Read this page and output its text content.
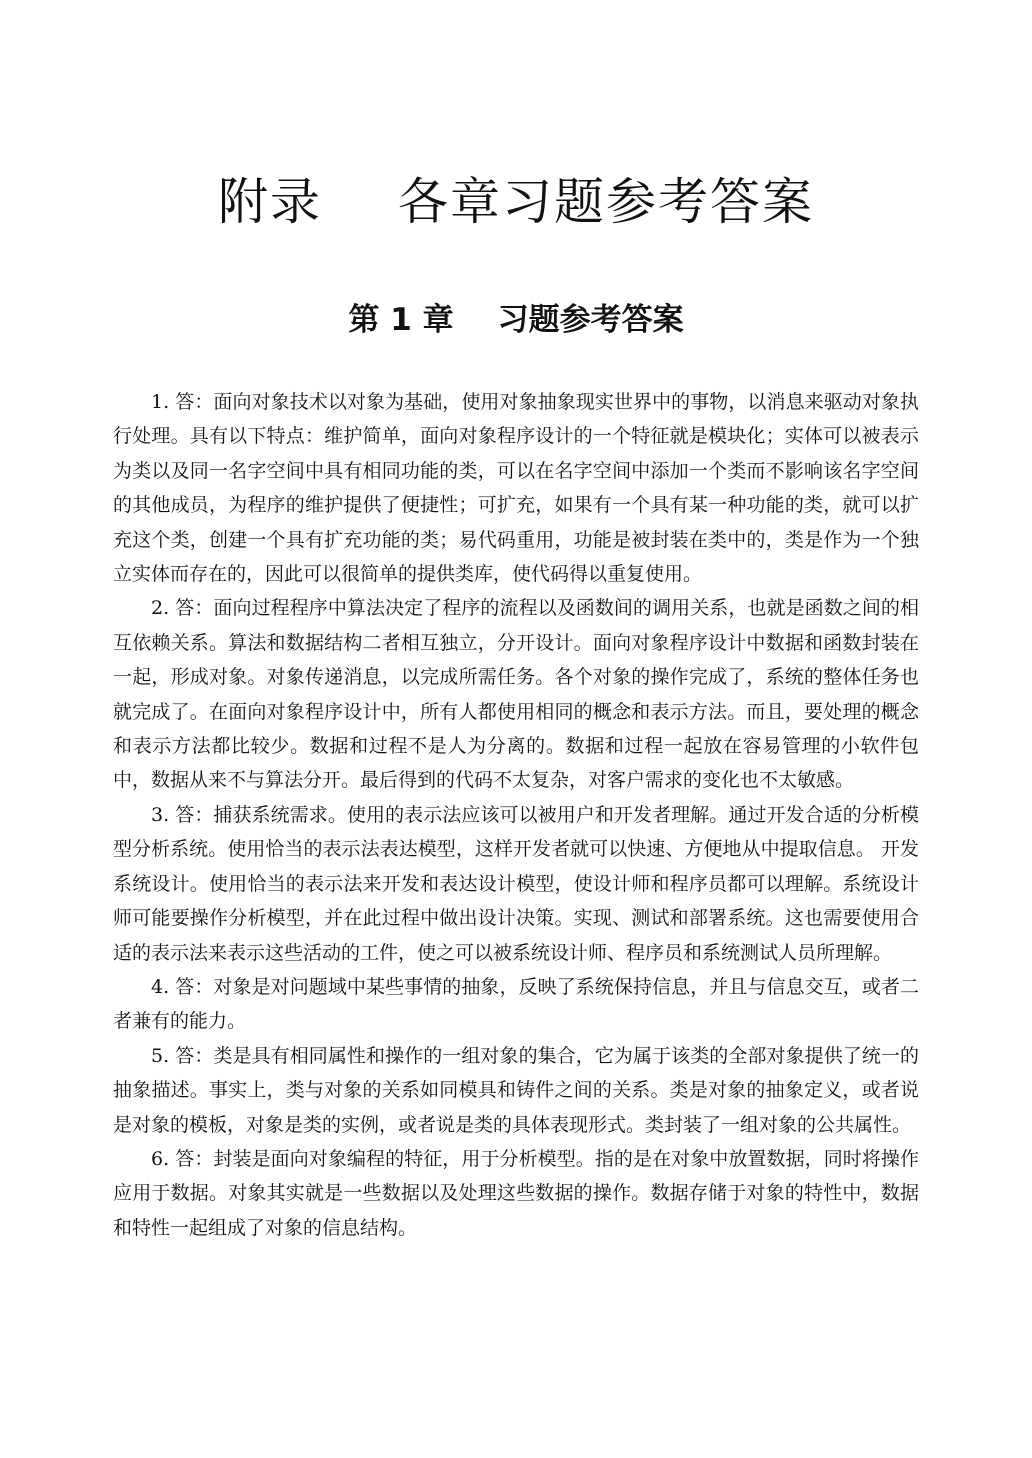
附录 各章习题参考答案
第 1 章 习题参考答案

1. 答：面向对象技术以对象为基础，使用对象抽象现实世界中的事物，以消息来驱动对象执行处理。具有以下特点：维护简单，面向对象程序设计的一个特征就是模块化；实体可以被表示为类以及同一名字空间中具有相同功能的类，可以在名字空间中添加一个类而不影响该名字空间的其他成员，为程序的维护提供了便捷性；可扩充，如果有一个具有某一种功能的类，就可以扩充这个类，创建一个具有扩充功能的类；易代码重用，功能是被封装在类中的，类是作为一个独立实体而存在的，因此可以很简单的提供类库，使代码得以重复使用。

2. 答：面向过程程序中算法决定了程序的流程以及函数间的调用关系，也就是函数之间的相互依赖关系。算法和数据结构二者相互独立，分开设计。面向对象程序设计中数据和函数封装在一起，形成对象。对象传递消息，以完成所需任务。各个对象的操作完成了，系统的整体任务也就完成了。在面向对象程序设计中，所有人都使用相同的概念和表示方法。而且，要处理的概念和表示方法都比较少。数据和过程不是人为分离的。数据和过程一起放在容易管理的小软件包中，数据从来不与算法分开。最后得到的代码不太复杂，对客户需求的变化也不太敏感。

3. 答：捕获系统需求。使用的表示法应该可以被用户和开发者理解。通过开发合适的分析模型分析系统。使用恰当的表示法表达模型，这样开发者就可以快速、方便地从中提取信息。 开发系统设计。使用恰当的表示法来开发和表达设计模型，使设计师和程序员都可以理解。系统设计师可能要操作分析模型，并在此过程中做出设计决策。实现、测试和部署系统。这也需要使用合适的表示法来表示这些活动的工件，使之可以被系统设计师、程序员和系统测试人员所理解。

4. 答：对象是对问题域中某些事情的抽象，反映了系统保持信息，并且与信息交互，或者二者兼有的能力。

5. 答：类是具有相同属性和操作的一组对象的集合，它为属于该类的全部对象提供了统一的抽象描述。事实上，类与对象的关系如同模具和铸件之间的关系。类是对象的抽象定义，或者说是对象的模板，对象是类的实例，或者说是类的具体表现形式。类封装了一组对象的公共属性。

6. 答：封装是面向对象编程的特征，用于分析模型。指的是在对象中放置数据，同时将操作应用于数据。对象其实就是一些数据以及处理这些数据的操作。数据存储于对象的特性中，数据和特性一起组成了对象的信息结构。
